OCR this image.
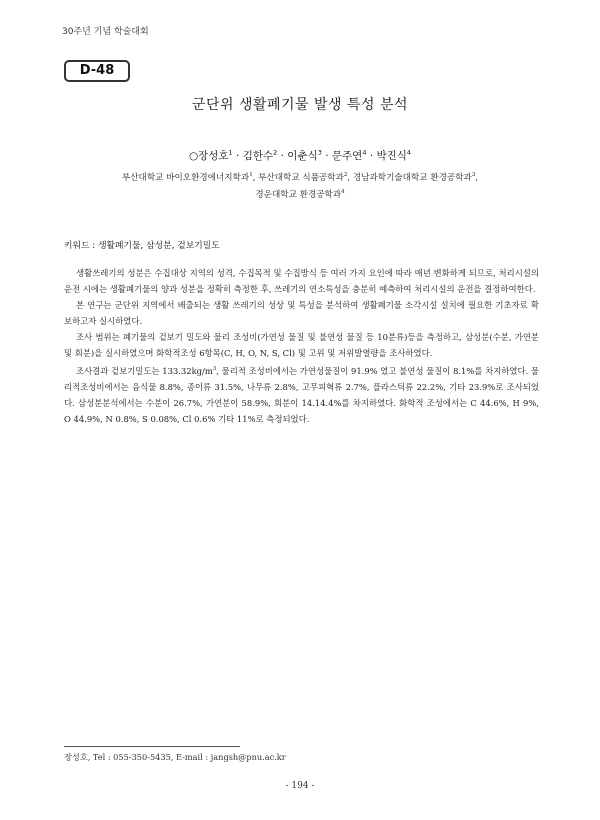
30주년 기념 학술대회
D-48
군단위 생활폐기물 발생 특성 분석
○장성호$^1$ · 김한수$^2$ · 이춘식$^3$ · 문주연$^4$ · 박진식$^4$
부산대학교 바이오환경에너지학과$^1$, 부산대학교 식품공학과$^2$, 경남과학기술대학교 환경공학과$^3$,
경운대학교 환경공학과$^4$
키워드 : 생활폐기물, 삼성분, 겉보기밀도

생활쓰레기의 성분은 수집대상 지역의 성격, 수집목적 및 수집방식 등 여러 가지 요인에 따라 매년 변화하게 되므로, 처리시설의 운전 시에는 생활폐기물의 양과 성분을 정확히 측정한 후, 쓰레기의 연소특성을 충분히 예측하여 처리시설의 운전을 결정하여한다.

본 연구는 군단위 지역에서 배출되는 생활 쓰레기의 성상 및 특성을 분석하여 생활폐기물 소각시설 설치에 필요한 기초자료 확보하고자 실시하였다.

조사 범위는 폐기물의 겉보기 밀도와 물리 조성비(가연성 물질 및 불연성 물질 등 10분류)등을 측정하고, 삼성분(수분, 가연분 및 회분)을 실시하였으며 화학적조성 6항목(C, H, O, N, S, Cl) 및 고위 및 저위발열량을 조사하였다.

조사결과 겉보기밀도는 $133.32kg/m^3$, 물리적 조성비에서는 가연성물질이 91.9% 였고 불연성 물질이 8.1%를 차지하였다. 물리적조성비에서는 음식물 8.8%, 종이류 31.5%, 나무류 2.8%, 고무피혁류 2.7%, 플라스틱류 22.2%, 기타 23.9%로 조사되었다. 삼성분분석에서는 수분이 26.7%, 가연분이 58.9%, 회분이 14.14.4%를 차지하였다. 화학적 조성에서는 C 44.6%, H 9%, O 44.9%, N 0.8%, S 0.08%, Cl 0.6% 기타 11%로 측정되었다.

장성호, Tel : 055-350-5435, E-mail : jangsh@pnu.ac.kr
- 194 -
